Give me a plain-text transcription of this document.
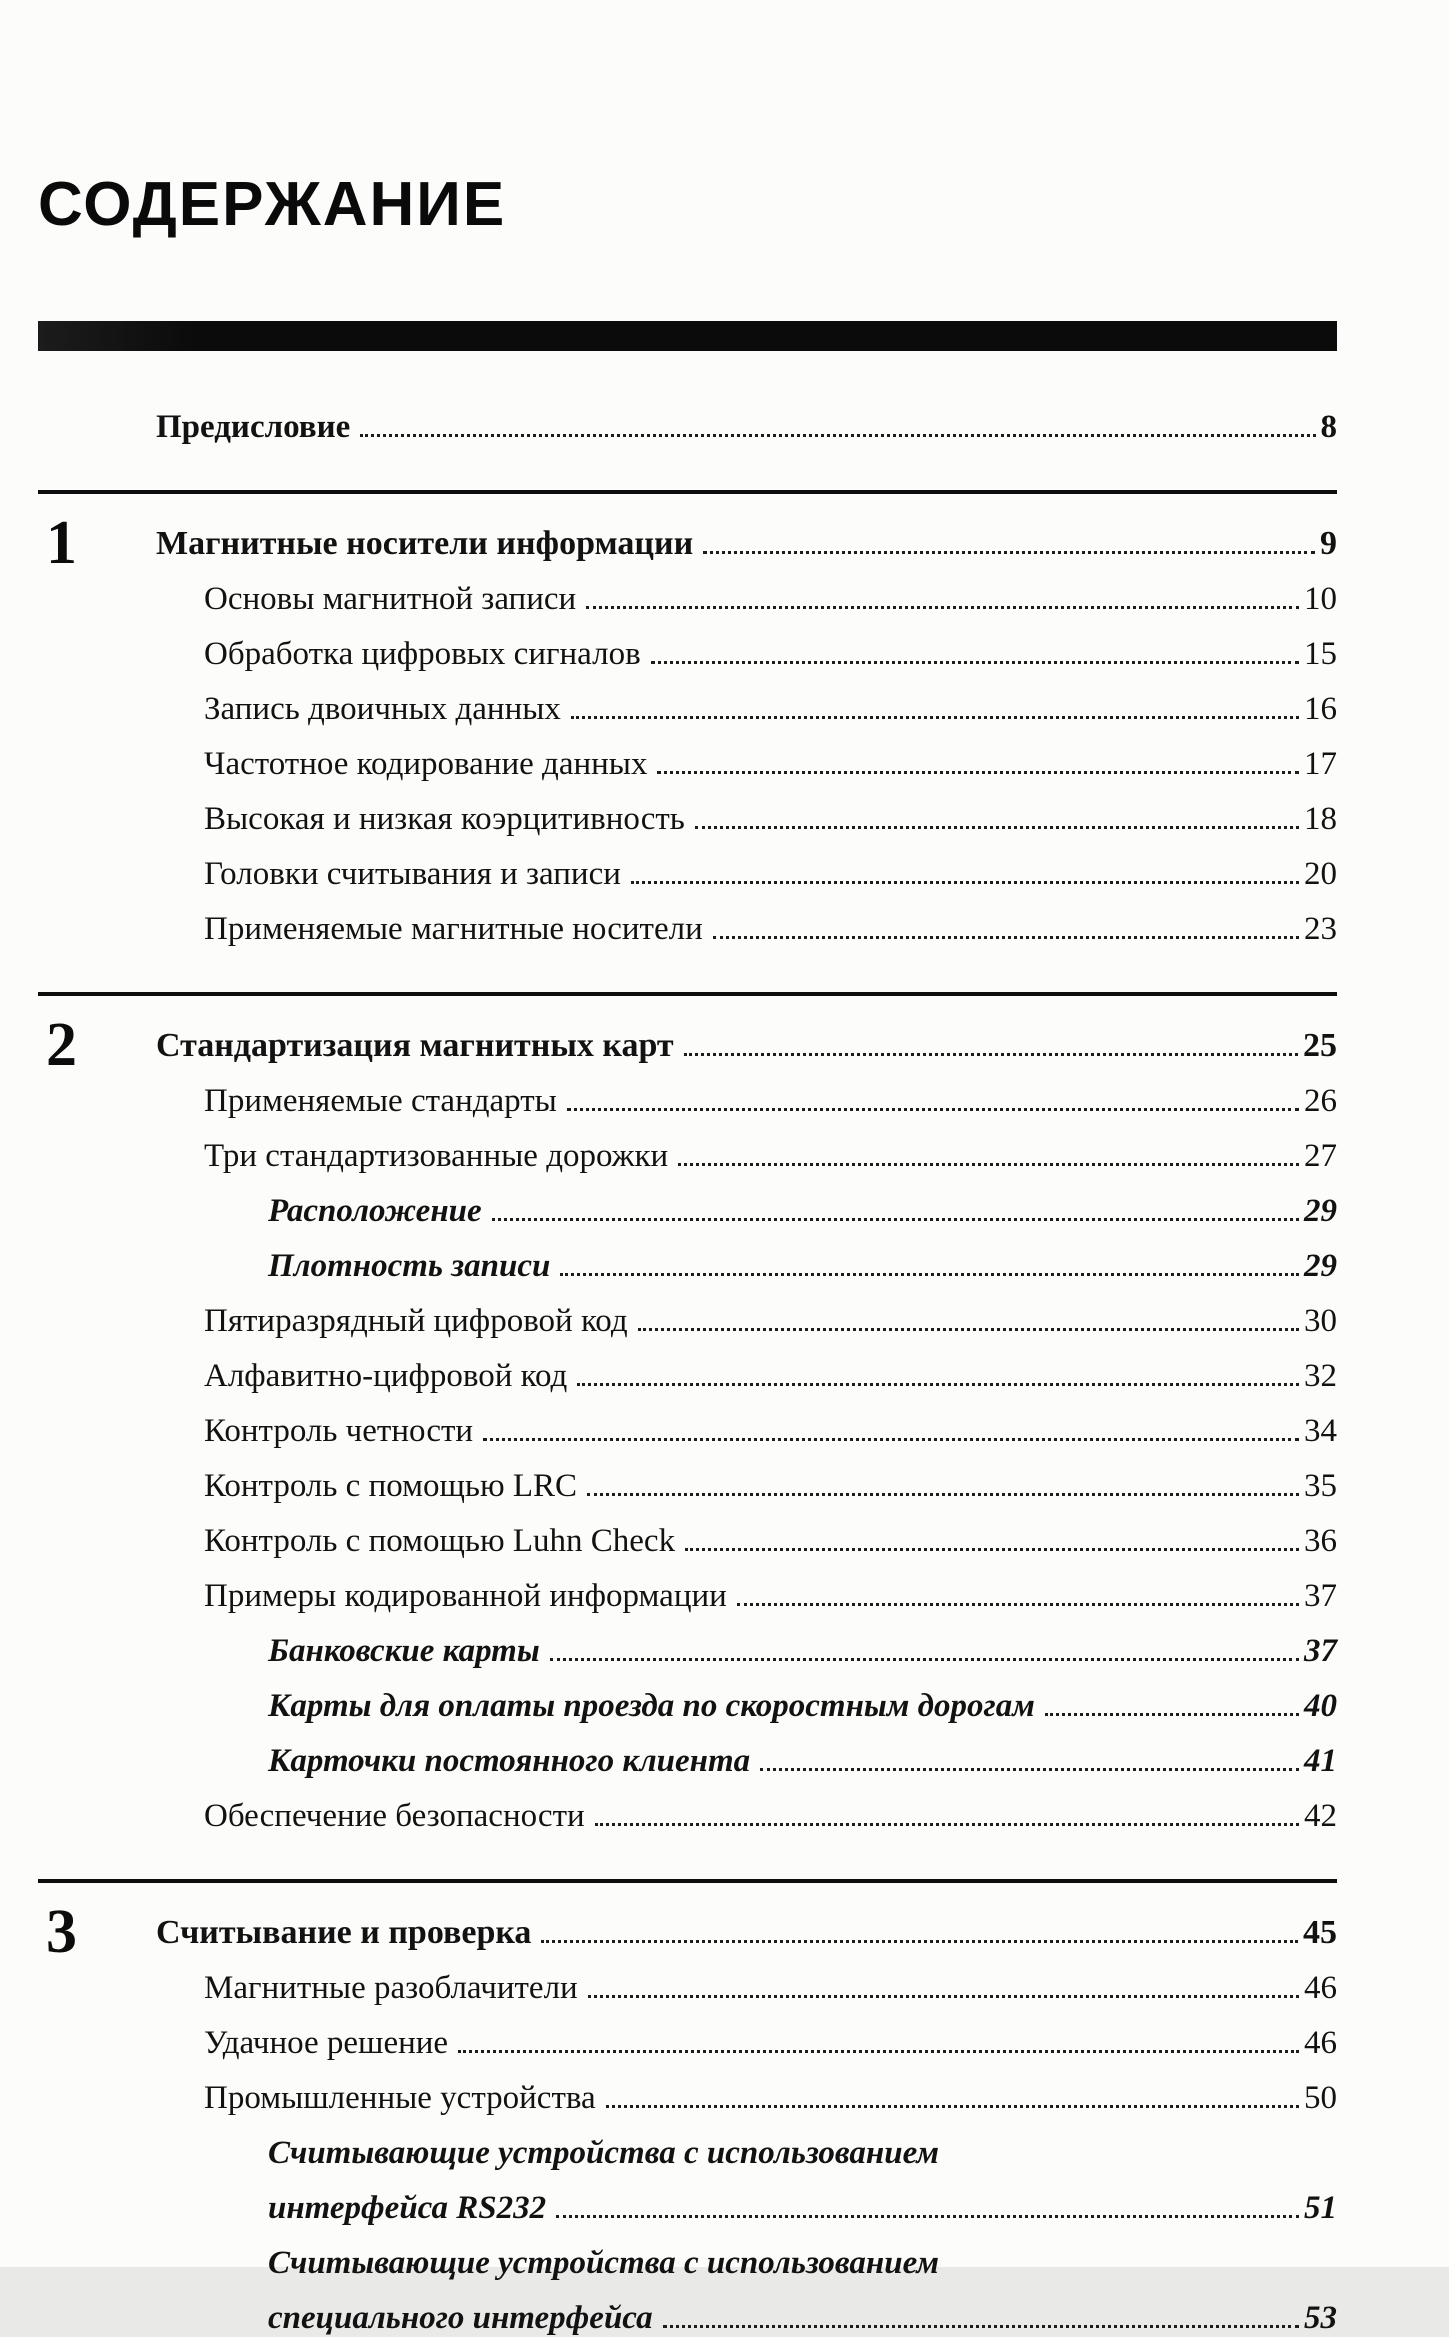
СОДЕРЖАНИЕ
Предисловие	8
1	Магнитные носители информации	9
Основы магнитной записи	10
Обработка цифровых сигналов	15
Запись двоичных данных	16
Частотное кодирование данных	17
Высокая и низкая коэрцитивность	18
Головки считывания и записи	20
Применяемые магнитные носители	23
2	Стандартизация магнитных карт	25
Применяемые стандарты	26
Три стандартизованные дорожки	27
Расположение	29
Плотность записи	29
Пятиразрядный цифровой код	30
Алфавитно-цифровой код	32
Контроль четности	34
Контроль с помощью LRC	35
Контроль с помощью Luhn Check	36
Примеры кодированной информации	37
Банковские карты	37
Карты для оплаты проезда по скоростным дорогам	40
Карточки постоянного клиента	41
Обеспечение безопасности	42
3	Считывание и проверка	45
Магнитные разоблачители	46
Удачное решение	46
Промышленные устройства	50
Считывающие устройства с использованием
интерфейса RS232	51
Считывающие устройства с использованием
специального интерфейса	53
